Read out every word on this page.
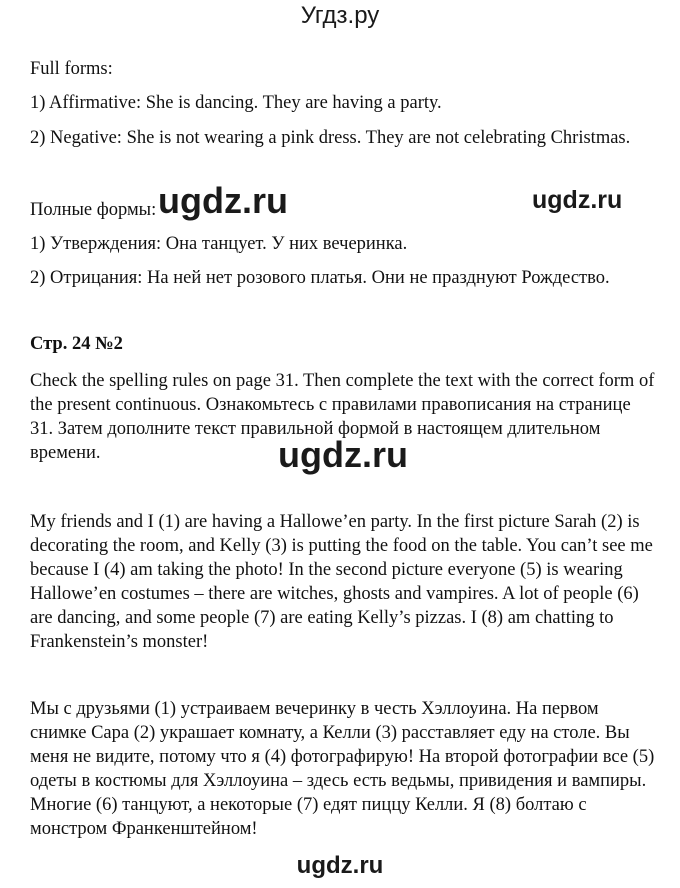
Угдз.ру
Full forms:
1) Affirmative: She is dancing. They are having a party.
2) Negative: She is not wearing a pink dress. They are not celebrating Christmas.
Полные формы: ugdz.ru	ugdz.ru
1) Утверждения: Она танцует. У них вечеринка.
2) Отрицания: На ней нет розового платья. Они не празднуют Рождество.
Стр. 24 №2
Check the spelling rules on page 31. Then complete the text with the correct form of the present continuous. Ознакомьтесь с правилами правописания на странице 31. Затем дополните текст правильной формой в настоящем длительном времени.	ugdz.ru
My friends and I (1) are having a Hallowe’en party. In the first picture Sarah (2) is decorating the room, and Kelly (3) is putting the food on the table. You can’t see me because I (4) am taking the photo! In the second picture everyone (5) is wearing Hallowe’en costumes – there are witches, ghosts and vampires. A lot of people (6) are dancing, and some people (7) are eating Kelly’s pizzas. I (8) am chatting to Frankenstein’s monster!
Мы с друзьями (1) устраиваем вечеринку в честь Хэллоуина. На первом снимке Сара (2) украшает комнату, а Келли (3) расставляет еду на столе. Вы меня не видите, потому что я (4) фотографирую! На второй фотографии все (5) одеты в костюмы для Хэллоуина – здесь есть ведьмы, привидения и вампиры. Многие (6) танцуют, а некоторые (7) едят пиццу Келли. Я (8) болтаю с монстром Франкенштейном!
ugdz.ru
